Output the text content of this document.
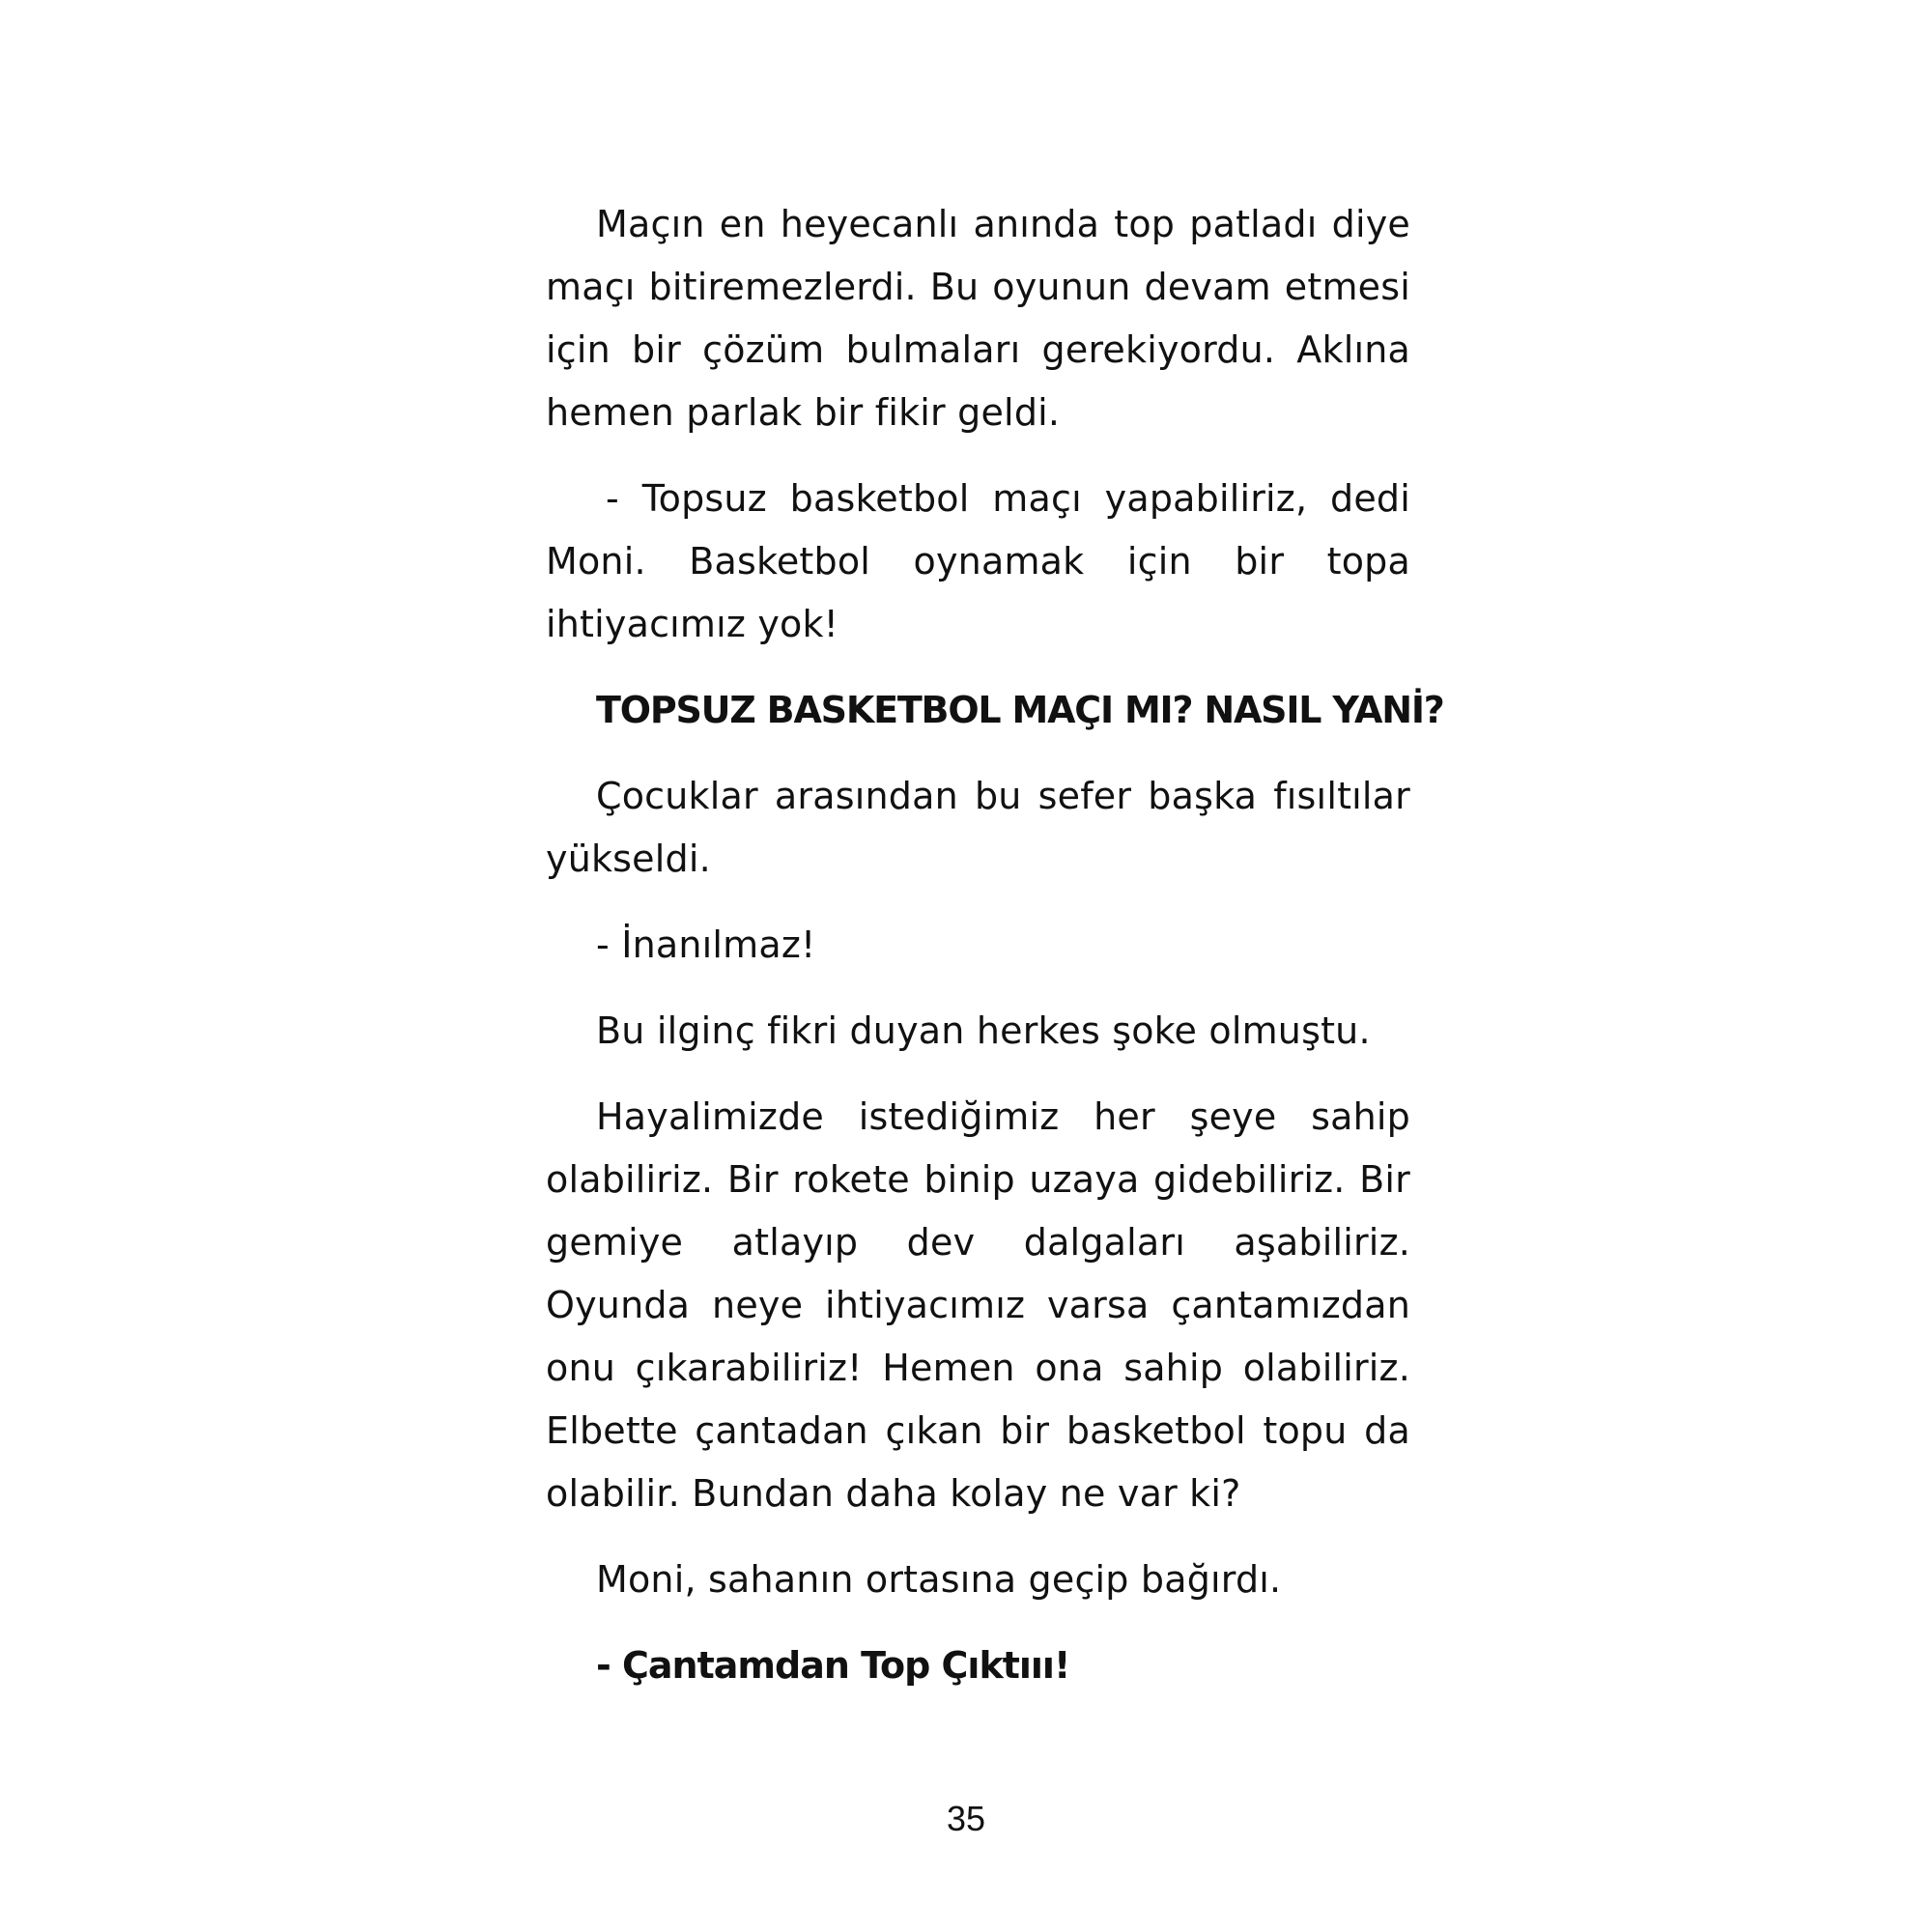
Maçın en heyecanlı anında top patladı diye maçı bitiremezlerdi. Bu oyunun devam etmesi için bir çözüm bulmaları gerekiyordu. Aklına hemen parlak bir fikir geldi.

- Topsuz basketbol maçı yapabiliriz, dedi Moni. Basketbol oynamak için bir topa ihtiyacımız yok!

TOPSUZ BASKETBOL MAÇI MI? NASIL YANİ?

Çocuklar arasından bu sefer başka fısıltılar yükseldi.

- İnanılmaz!

Bu ilginç fikri duyan herkes şoke olmuştu.

Hayalimizde istediğimiz her şeye sahip olabiliriz. Bir rokete binip uzaya gidebiliriz. Bir gemiye atlayıp dev dalgaları aşabiliriz. Oyunda neye ihtiyacımız varsa çantamızdan onu çıkarabiliriz! Hemen ona sahip olabiliriz. Elbette çantadan çıkan bir basketbol topu da olabilir. Bundan daha kolay ne var ki?

Moni, sahanın ortasına geçip bağırdı.

- Çantamdan Top Çıktııı!

35
